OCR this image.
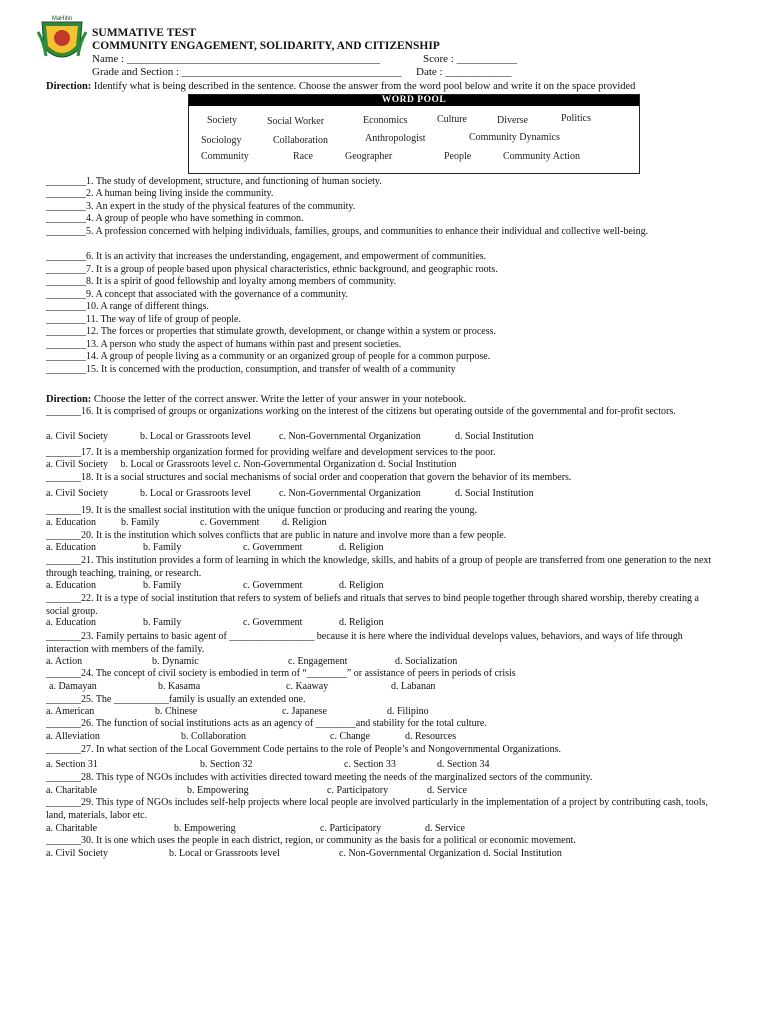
MaHitin
SUMMATIVE TEST
COMMUNITY ENGAGEMENT, SOLIDARITY, AND CITIZENSHIP
Name : ______________________________________________	Score : ___________
Grade and Section : ________________________________________ Date : ____________
Direction: Identify what is being described in the sentence. Choose the answer from the word pool below and write it on the space provided
WORD POOL
Society	Social Worker	Economics	Culture	Diverse	Politics
Sociology	Collaboration	Anthropologist	Community Dynamics
Community	Race	Geographer	People	Community Action
________1. The study of development, structure, and functioning of human society.
________2. A human being living inside the community.
________3. An expert in the study of the physical features of the community.
________4. A group of people who have something in common.
________5. A profession concerned with helping individuals, families, groups, and communities to enhance their individual and collective well-being.
________6. It is an activity that increases the understanding, engagement, and empowerment of communities.
________7. It is a group of people based upon physical characteristics, ethnic background, and geographic roots.
________8. It is a spirit of good fellowship and loyalty among members of community.
________9. A concept that associated with the governance of a community.
________10. A range of different things.
________11. The way of life of group of people.
________12. The forces or properties that stimulate growth, development, or change within a system or process.
________13. A person who study the aspect of humans within past and present societies.
________14. A group of people living as a community or an organized group of people for a common purpose.
________15. It is concerned with the production, consumption, and transfer of wealth of a community
Direction: Choose the letter of the correct answer. Write the letter of your answer in your notebook.
_______16. It is comprised of groups or organizations working on the interest of the citizens but operating outside of the governmental and for-profit sectors.
a. Civil Society	b. Local or Grassroots level	c. Non-Governmental Organization	d. Social Institution
_______17. It is a membership organization formed for providing welfare and development services to the poor.
a. Civil Society     b. Local or Grassroots level c. Non-Governmental Organization d. Social Institution
_______18. It is a social structures and social mechanisms of social order and cooperation that govern the behavior of its members.
a. Civil Society	b. Local or Grassroots level	c. Non-Governmental Organization	d. Social Institution
_______19. It is the smallest social institution with the unique function or producing and rearing the young.
a. Education	b. Family	c. Government d. Religion
_______20. It is the institution which solves conflicts that are public in nature and involve more than a few people.
a. Education	b. Family	c. Government	d. Religion
_______21. This institution provides a form of learning in which the knowledge, skills, and habits of a group of people are transferred from one generation to the next through teaching, training, or research.
a. Education	b. Family	c. Government	d. Religion
_______22. It is a type of social institution that refers to system of beliefs and rituals that serves to bind people together through shared worship, thereby creating a social group.
a. Education	b. Family	c. Government	d. Religion
_______23. Family pertains to basic agent of _________________ because it is here where the individual develops values, behaviors, and ways of life through interaction with members of the family.
a. Action	b. Dynamic	c. Engagement	d. Socialization
_______24. The concept of civil society is embodied in term of “________” or assistance of peers in periods of crisis
a. Damayan	b. Kasama	c. Kaaway	d. Labanan
_______25. The ___________family is usually an extended one.
a. American	b. Chinese	c. Japanese	d. Filipino
_______26. The function of social institutions acts as an agency of ________and stability for the total culture.
a. Alleviation	b. Collaboration	c. Change	d. Resources
_______27. In what section of the Local Government Code pertains to the role of People’s and Nongovernmental Organizations.
a. Section 31	b. Section 32	c. Section 33	d. Section 34
_______28. This type of NGOs includes with activities directed toward meeting the needs of the marginalized sectors of the community.
a. Charitable	b. Empowering	c. Participatory	d. Service
_______29. This type of NGOs includes self-help projects where local people are involved particularly in the implementation of a project by contributing cash, tools, land, materials, labor etc.
a. Charitable	b. Empowering	c. Participatory	d. Service
_______30. It is one which uses the people in each district, region, or community as the basis for a political or economic movement.
a. Civil Society	b. Local or Grassroots level	c. Non-Governmental Organization d. Social Institution
